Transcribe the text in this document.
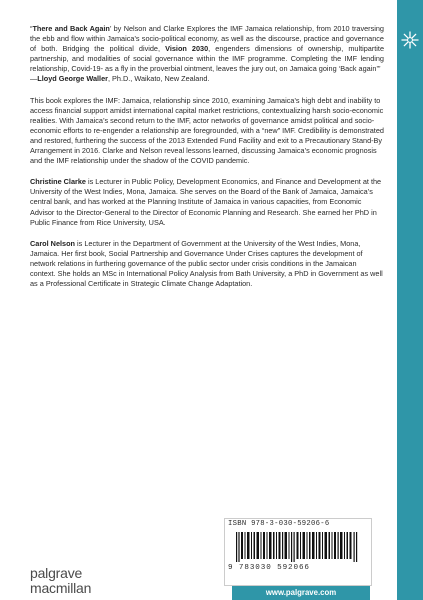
“There and Back Again’ by Nelson and Clarke Explores the IMF Jamaica relationship, from 2010 traversing the ebb and flow within Jamaica’s socio-political economy, as well as the discourse, practice and governance of both. Bridging the political divide, Vision 2030, engenders dimensions of ownership, multipartite partnership, and modalities of social governance within the IMF programme. Completing the IMF lending relationship, Covid-19- as a fly in the proverbial ointment, leaves the jury out, on Jamaica going ‘Back again’”
—Lloyd George Waller, Ph.D., Waikato, New Zealand.

This book explores the IMF: Jamaica, relationship since 2010, examining Jamaica’s high debt and inability to access financial support amidst international capital market restrictions, contextualizing harsh socio-economic realities. With Jamaica’s second return to the IMF, actor networks of governance amidst political and socio-economic efforts to re-engender a relationship are foregrounded, with a “new” IMF. Credibility is demonstrated and restored, furthering the success of the 2013 Extended Fund Facility and exit to a Precautionary Stand-By Arrangement in 2016. Clarke and Nelson reveal lessons learned, discussing Jamaica’s economic prognosis and the IMF relationship under the shadow of the COVID pandemic.

Christine Clarke is Lecturer in Public Policy, Development Economics, and Finance and Development at the University of the West Indies, Mona, Jamaica. She serves on the Board of the Bank of Jamaica, Jamaica’s central bank, and has worked at the Planning Institute of Jamaica in various capacities, from Economic Advisor to the Director-General to the Director of Economic Planning and Research. She earned her PhD in Public Finance from Rice University, USA.

Carol Nelson is Lecturer in the Department of Government at the University of the West Indies, Mona, Jamaica. Her first book, Social Partnership and Governance Under Crises captures the development of network relations in furthering governance of the public sector under crisis conditions in the Jamaican context. She holds an MSc in International Policy Analysis from Bath University, a PhD in Government as well as a Professional Certificate in Strategic Climate Change Adaptation.

ISBN 978-3-030-59206-6
9 783030 592066
www.palgrave.com
palgrave
macmillan
